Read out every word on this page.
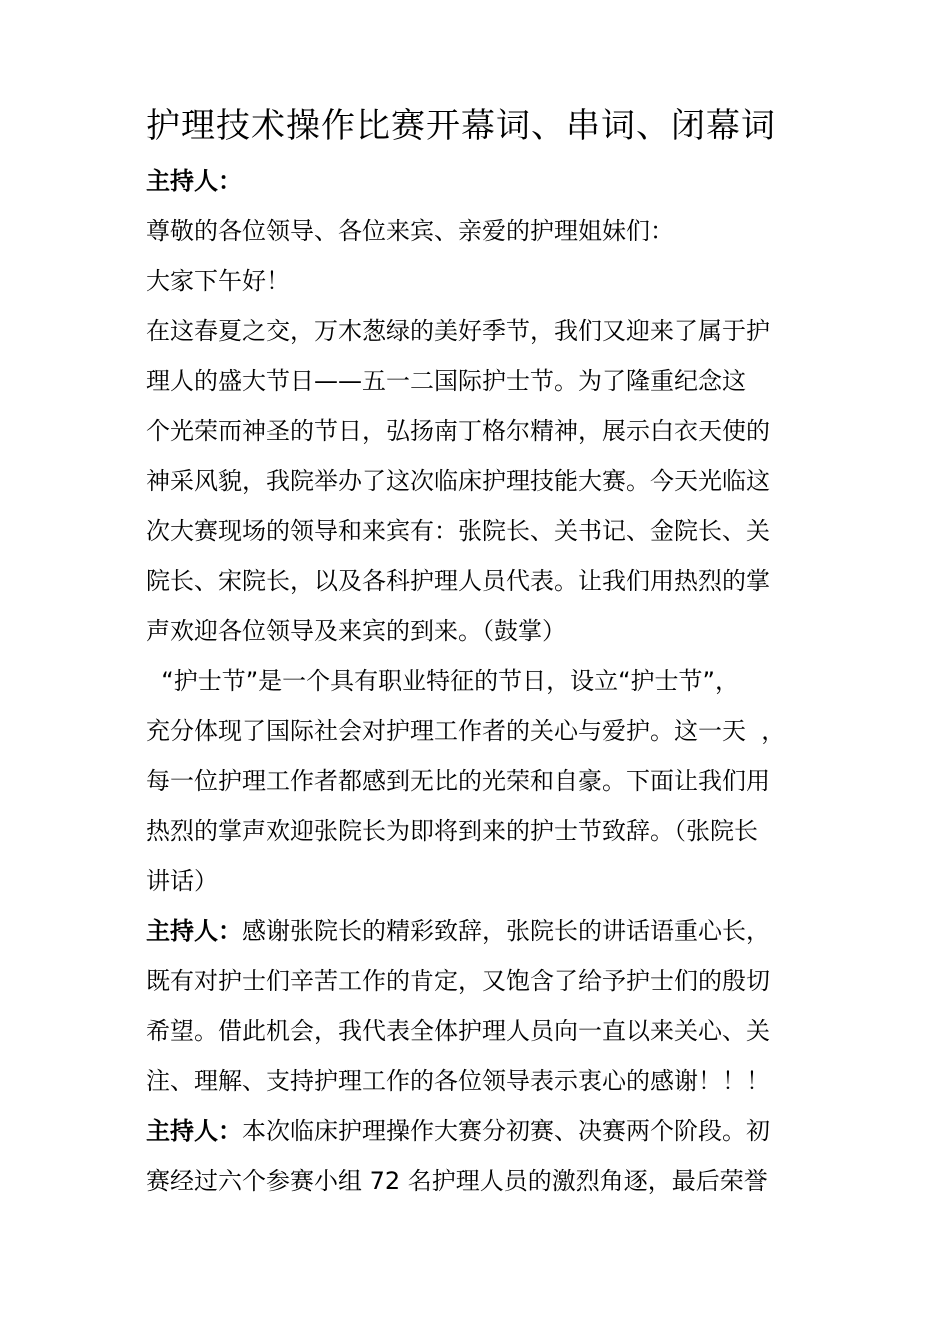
护理技术操作比赛开幕词、串词、闭幕词
主持人：
尊敬的各位领导、各位来宾、亲爱的护理姐妹们：
大家下午好！
在这春夏之交，万木葱绿的美好季节，我们又迎来了属于护
理人的盛大节日——五一二国际护士节。为了隆重纪念这
个光荣而神圣的节日，弘扬南丁格尔精神，展示白衣天使的
神采风貌，我院举办了这次临床护理技能大赛。今天光临这
次大赛现场的领导和来宾有：张院长、关书记、金院长、关
院长、宋院长，以及各科护理人员代表。让我们用热烈的掌
声欢迎各位领导及来宾的到来。（鼓掌）
“护士节”是一个具有职业特征的节日，设立“护士节”，
充分体现了国际社会对护理工作者的关心与爱护。这一天  ，
每一位护理工作者都感到无比的光荣和自豪。下面让我们用
热烈的掌声欢迎张院长为即将到来的护士节致辞。（张院长
讲话）
主持人：感谢张院长的精彩致辞，张院长的讲话语重心长，
既有对护士们辛苦工作的肯定，又饱含了给予护士们的殷切
希望。借此机会，我代表全体护理人员向一直以来关心、关
注、理解、支持护理工作的各位领导表示衷心的感谢！！！
主持人：本次临床护理操作大赛分初赛、决赛两个阶段。初
赛经过六个参赛小组 72 名护理人员的激烈角逐，最后荣誉
